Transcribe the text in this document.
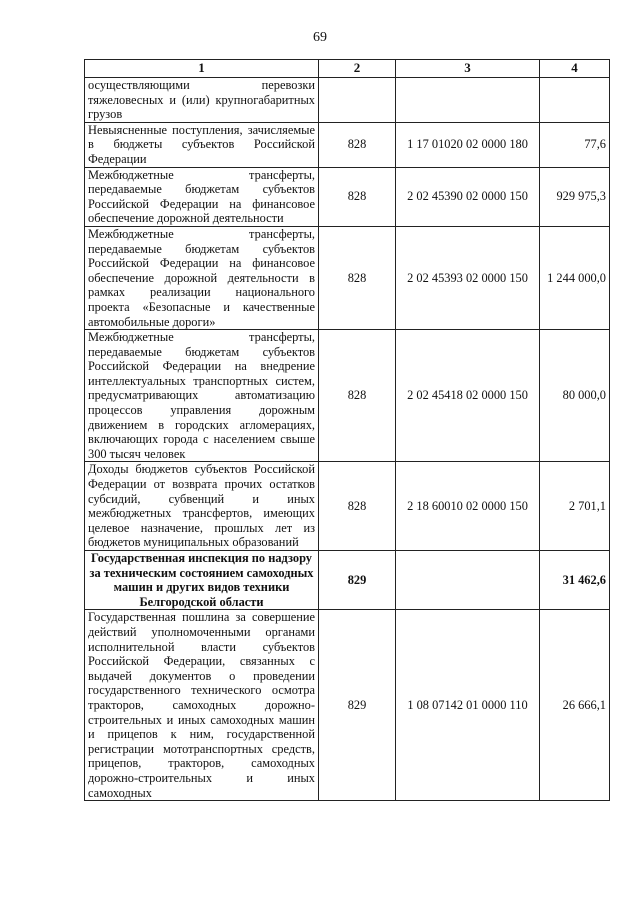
69
1	2	3	4
осуществляющими перевозки тяжеловесных и (или) крупногабаритных грузов			
Невыясненные поступления, зачисляемые в бюджеты субъектов Российской Федерации	828	1 17 01020 02 0000 180	77,6
Межбюджетные трансферты, передаваемые бюджетам субъектов Российской Федерации на финансовое обеспечение дорожной деятельности	828	2 02 45390 02 0000 150	929 975,3
Межбюджетные трансферты, передаваемые бюджетам субъектов Российской Федерации на финансовое обеспечение дорожной деятельности в рамках реализации национального проекта «Безопасные и качественные автомобильные дороги»	828	2 02 45393 02 0000 150	1 244 000,0
Межбюджетные трансферты, передаваемые бюджетам субъектов Российской Федерации на внедрение интеллектуальных транспортных систем, предусматривающих автоматизацию процессов управления дорожным движением в городских агломерациях, включающих города с населением свыше 300 тысяч человек	828	2 02 45418 02 0000 150	80 000,0
Доходы бюджетов субъектов Российской Федерации от возврата прочих остатков субсидий, субвенций и иных межбюджетных трансфертов, имеющих целевое назначение, прошлых лет из бюджетов муниципальных образований	828	2 18 60010 02 0000 150	2 701,1
Государственная инспекция по надзору за техническим состоянием самоходных машин и других видов техники Белгородской области	829		31 462,6
Государственная пошлина за совершение действий уполномоченными органами исполнительной власти субъектов Российской Федерации, связанных с выдачей документов о проведении государственного технического осмотра тракторов, самоходных дорожно-строительных и иных самоходных машин и прицепов к ним, государственной регистрации мототранспортных средств, прицепов, тракторов, самоходных дорожно-строительных и иных самоходных	829	1 08 07142 01 0000 110	26 666,1
